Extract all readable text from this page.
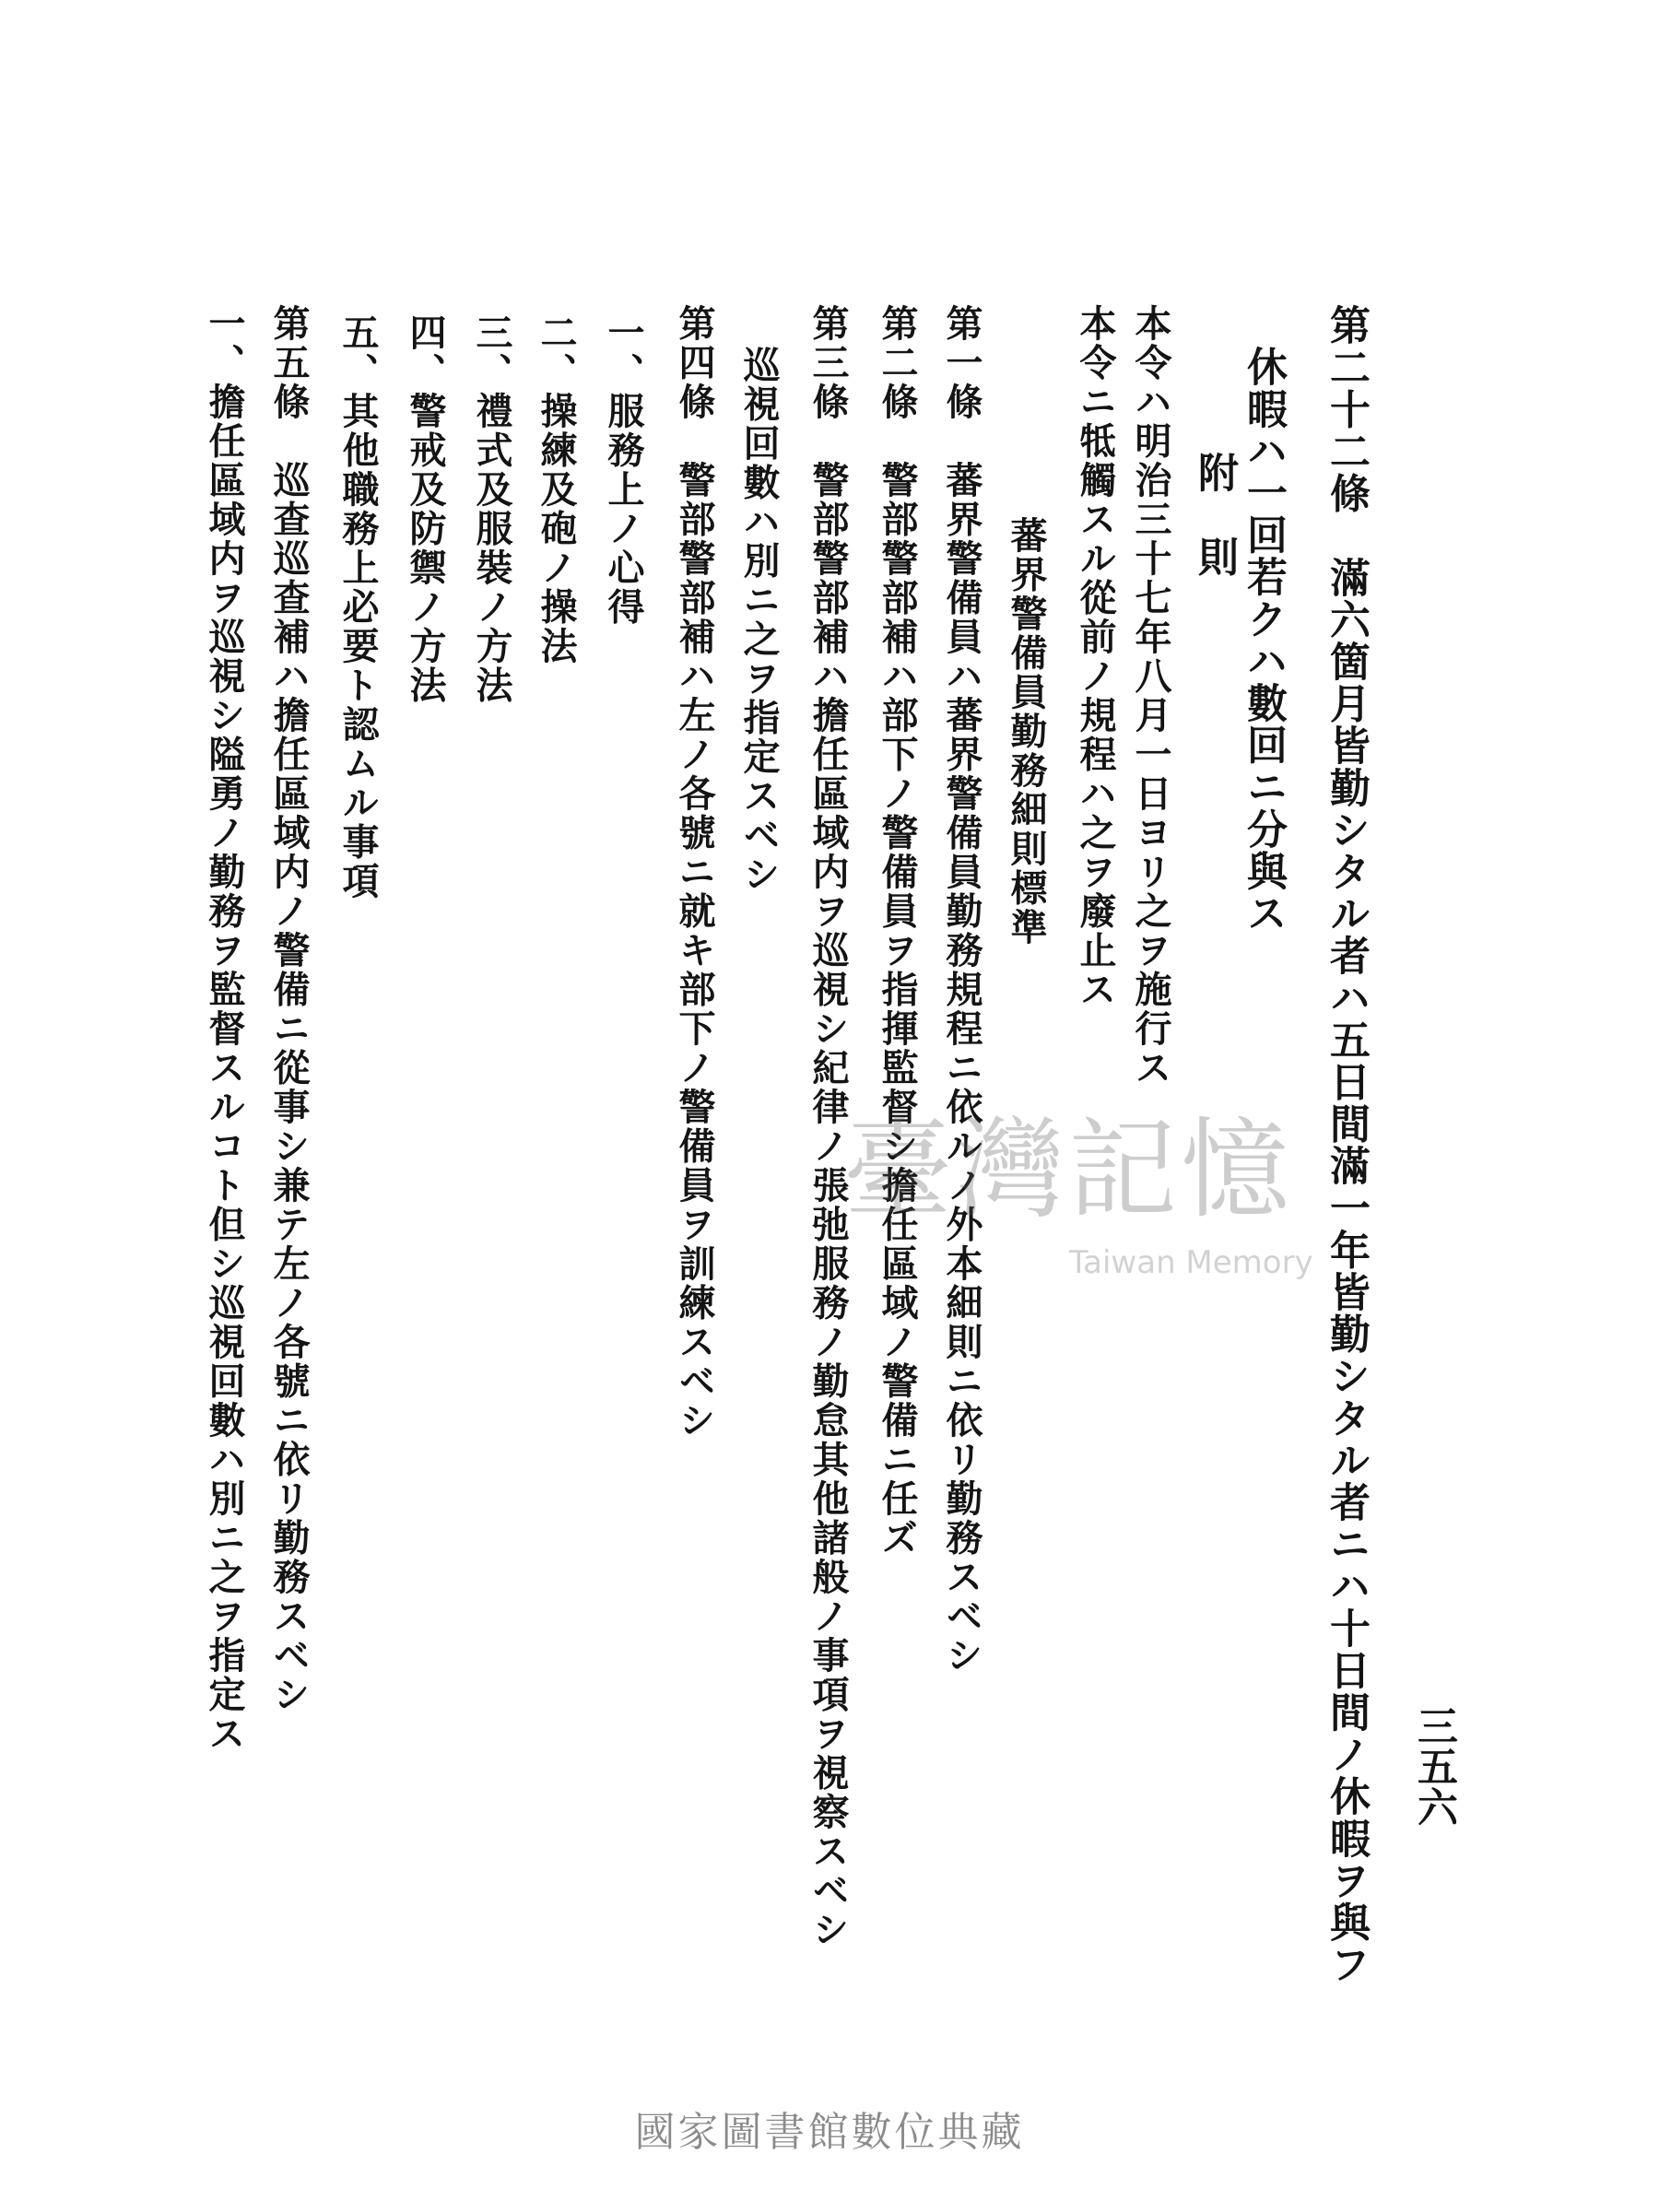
三五六
第二十二條　滿六箇月皆勤シタル者ハ五日間滿一年皆勤シタル者ニハ十日間ノ休暇ヲ與フ
休暇ハ一回若クハ數回ニ分與ス
附　則
本令ハ明治三十七年八月一日ヨリ之ヲ施行ス
本令ニ牴觸スル從前ノ規程ハ之ヲ廢止ス
蕃界警備員勤務細則標準
第一條　蕃界警備員ハ蕃界警備員勤務規程ニ依ルノ外本細則ニ依リ勤務スベシ
第二條　警部警部補ハ部下ノ警備員ヲ指揮監督シ擔任區域ノ警備ニ任ズ
第三條　警部警部補ハ擔任區域内ヲ巡視シ紀律ノ張弛服務ノ勤怠其他諸般ノ事項ヲ視察スベシ
巡視回數ハ別ニ之ヲ指定スベシ
第四條　警部警部補ハ左ノ各號ニ就キ部下ノ警備員ヲ訓練スベシ
一、服務上ノ心得
二、操練及砲ノ操法
三、禮式及服裝ノ方法
四、警戒及防禦ノ方法
五、其他職務上必要ト認ムル事項
第五條　巡查巡查補ハ擔任區域内ノ警備ニ從事シ兼テ左ノ各號ニ依リ勤務スベシ
一、擔任區域内ヲ巡視シ隘勇ノ勤務ヲ監督スルコト但シ巡視回數ハ別ニ之ヲ指定ス	臺灣記憶
Taiwan Memory
國家圖書館數位典藏
